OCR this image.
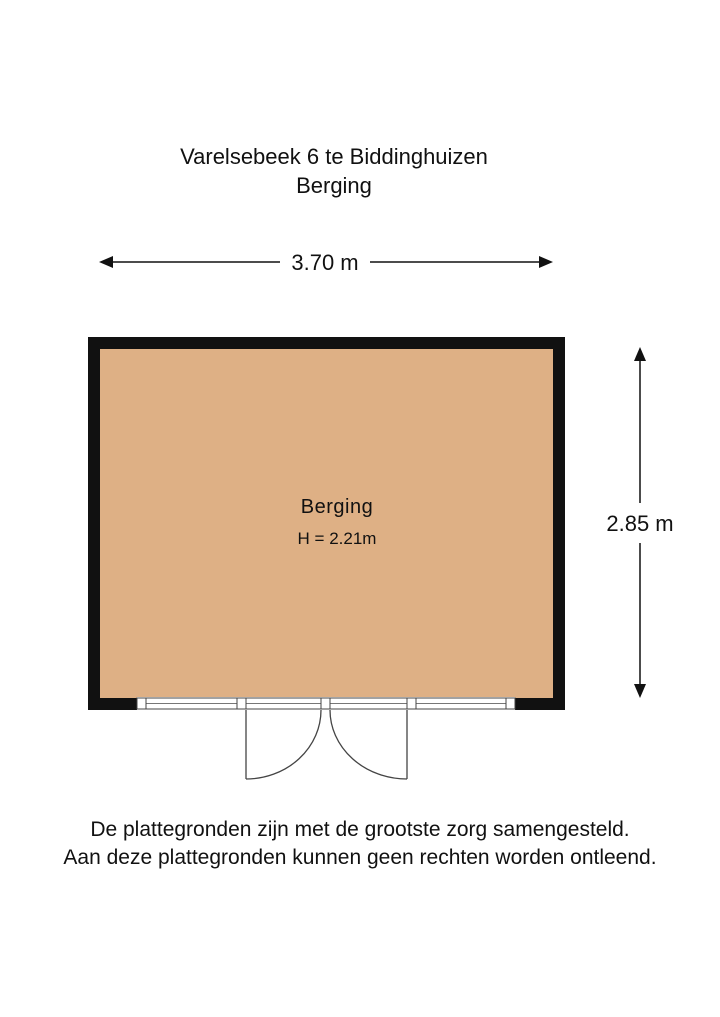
Varelsebeek 6 te Biddinghuizen
Berging
3.70 m
2.85 m
Berging
H = 2.21m
De plattegronden zijn met de grootste zorg samengesteld.
Aan deze plattegronden kunnen geen rechten worden ontleend.
